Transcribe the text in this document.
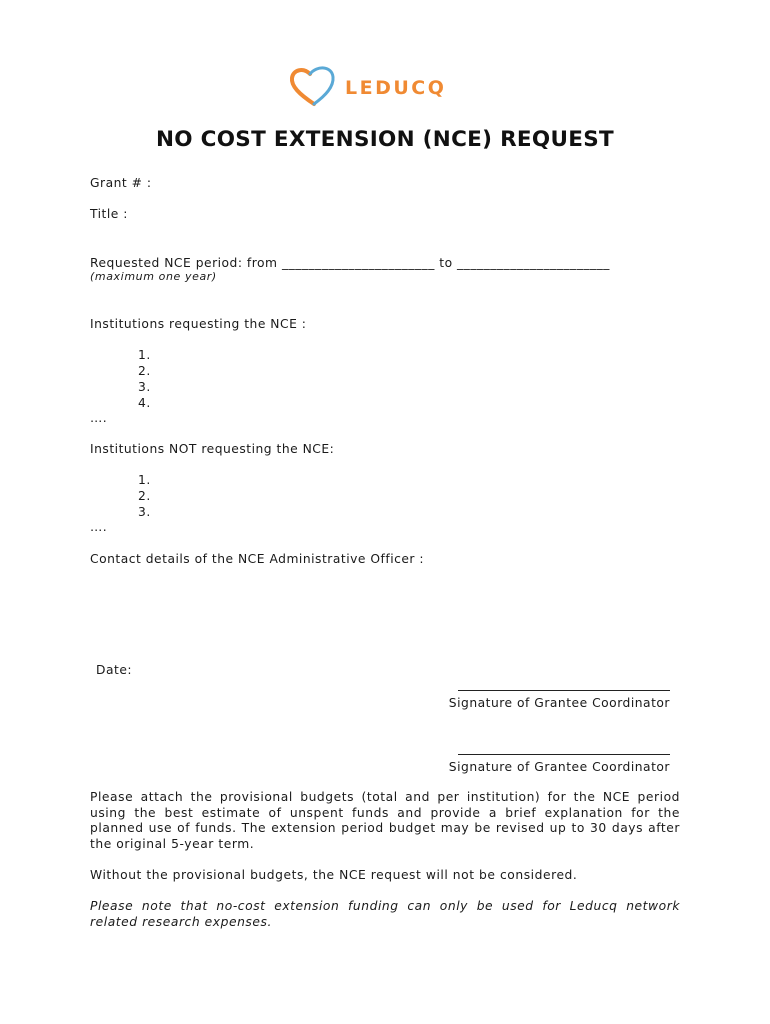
LEDUCQ
NO COST EXTENSION (NCE) REQUEST
Grant # :
Title :
Requested NCE period: from _______________________ to _______________________
(maximum one year)
Institutions requesting the NCE :
1.
2.
3.
4.
….
Institutions NOT requesting the NCE:
1.
2.
3.
….
Contact details of the NCE Administrative Officer :
Date:
Signature of Grantee Coordinator
Signature of Grantee Coordinator
Please attach the provisional budgets (total and per institution) for the NCE period using the best estimate of unspent funds and provide a brief explanation for the planned use of funds. The extension period budget may be revised up to 30 days after the original 5-year term.
Without the provisional budgets, the NCE request will not be considered.
Please note that no-cost extension funding can only be used for Leducq network related research expenses.
